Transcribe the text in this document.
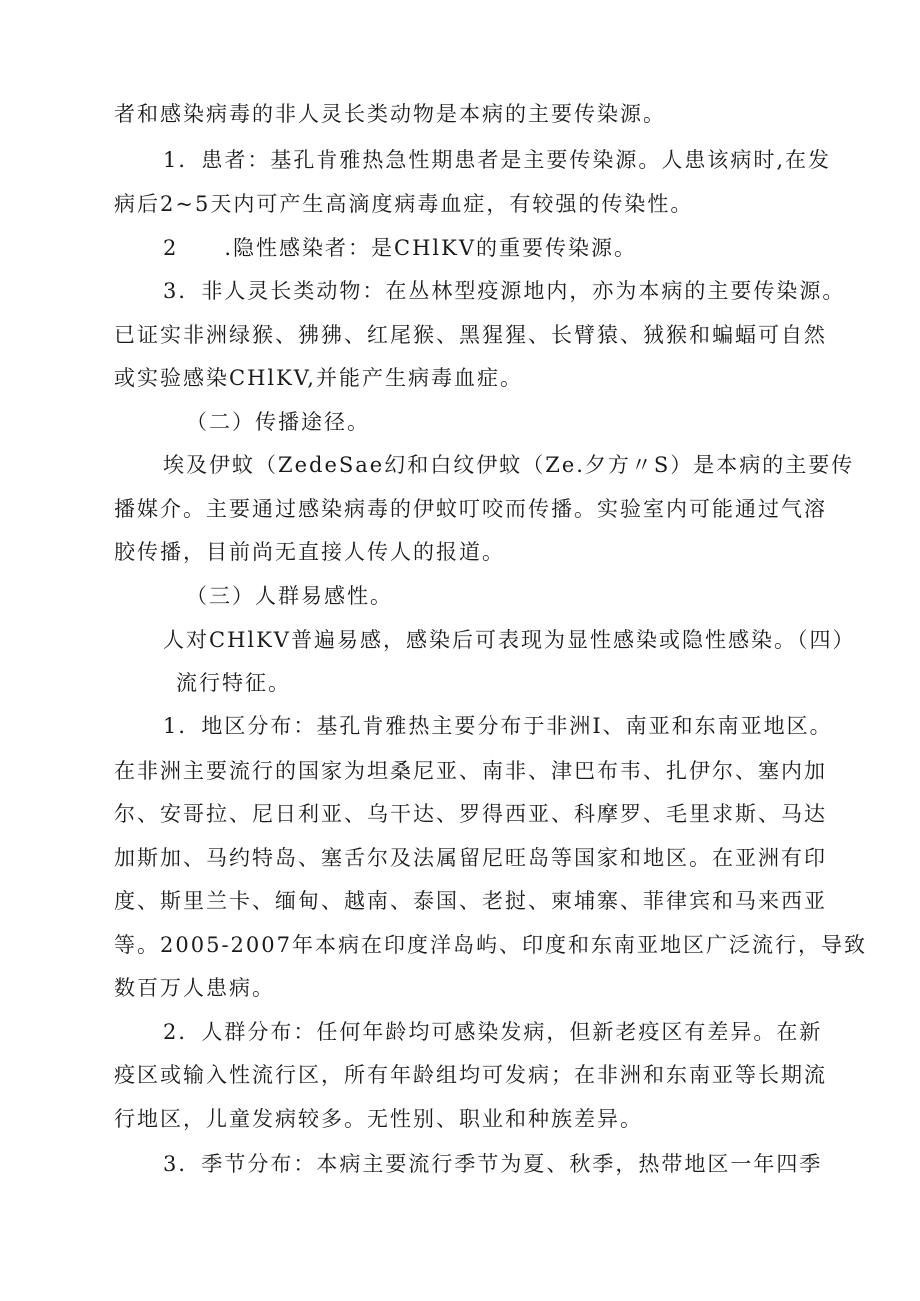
者和感染病毒的非人灵长类动物是本病的主要传染源。
1．患者：基孔肯雅热急性期患者是主要传染源。人患该病时,在发
病后2~5天内可产生高滴度病毒血症，有较强的传染性。
2　　.隐性感染者：是CHlKV的重要传染源。
3．非人灵长类动物：在丛林型疫源地内，亦为本病的主要传染源。
已证实非洲绿猴、狒狒、红尾猴、黑猩猩、长臂猿、狨猴和蝙蝠可自然
或实验感染CHlKV,并能产生病毒血症。
（二）传播途径。
埃及伊蚊（ZedeSae幻和白纹伊蚊（Ze.夕方〃S）是本病的主要传
播媒介。主要通过感染病毒的伊蚊叮咬而传播。实验室内可能通过气溶
胶传播，目前尚无直接人传人的报道。
（三）人群易感性。
人对CHlKV普遍易感，感染后可表现为显性感染或隐性感染。（四）
流行特征。
1．地区分布：基孔肯雅热主要分布于非洲I、南亚和东南亚地区。
在非洲主要流行的国家为坦桑尼亚、南非、津巴布韦、扎伊尔、塞内加
尔、安哥拉、尼日利亚、乌干达、罗得西亚、科摩罗、毛里求斯、马达
加斯加、马约特岛、塞舌尔及法属留尼旺岛等国家和地区。在亚洲有印
度、斯里兰卡、缅甸、越南、泰国、老挝、柬埔寨、菲律宾和马来西亚
等。2005-2007年本病在印度洋岛屿、印度和东南亚地区广泛流行，导致
数百万人患病。
2．人群分布：任何年龄均可感染发病，但新老疫区有差异。在新
疫区或输入性流行区，所有年龄组均可发病；在非洲和东南亚等长期流
行地区，儿童发病较多。无性别、职业和种族差异。
3．季节分布：本病主要流行季节为夏、秋季，热带地区一年四季
